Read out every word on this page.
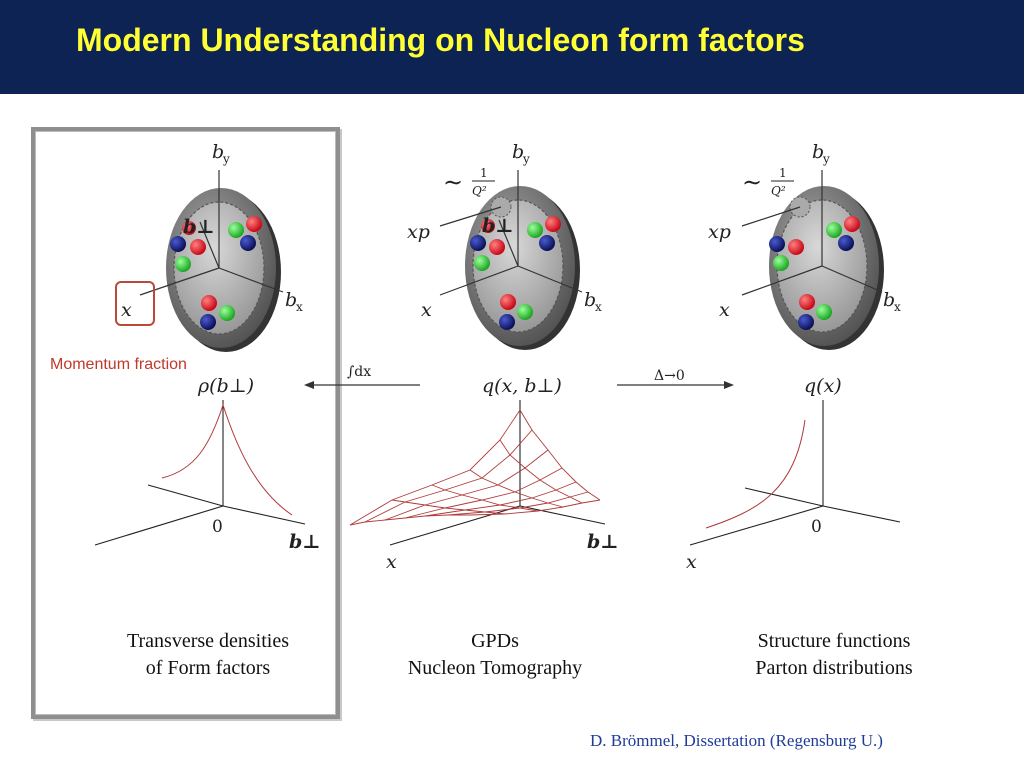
Modern Understanding on Nucleon form factors
b
y
b
x
b⊥
x
b
y
b
x
b⊥
x
xp
∼ 1
Q²
b
y
b
x
x
xp
∼ 1
Q²
∫dx	Δ→0
ρ(b⊥)	q(x, b⊥)	q(x)
0
b⊥	b⊥
x
0
x
Momentum fraction
Transverse densities
of Form factors
GPDs
Nucleon Tomography
Structure functions
Parton distributions
D. Brömmel, Dissertation (Regensburg U.)
